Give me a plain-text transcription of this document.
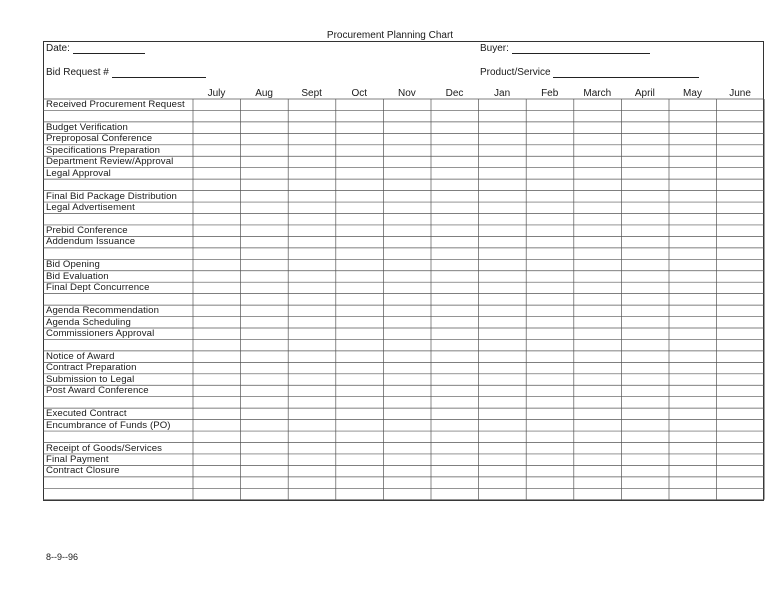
Procurement Planning Chart
Date:	Buyer:
Bid Request #	Product/Service
July	Aug	Sept	Oct	Nov	Dec	Jan	Feb	March	April	May	June
Received Procurement Request
Budget Verification
Preproposal Conference
Specifications Preparation
Department Review/Approval
Legal Approval
Final Bid Package Distribution
Legal Advertisement
Prebid Conference
Addendum Issuance
Bid Opening
Bid Evaluation
Final Dept Concurrence
Agenda Recommendation
Agenda Scheduling
Commissioners Approval
Notice of Award
Contract Preparation
Submission to Legal
Post Award Conference
Executed Contract
Encumbrance of Funds (PO)
Receipt of Goods/Services
Final Payment
Contract Closure
8--9--96
